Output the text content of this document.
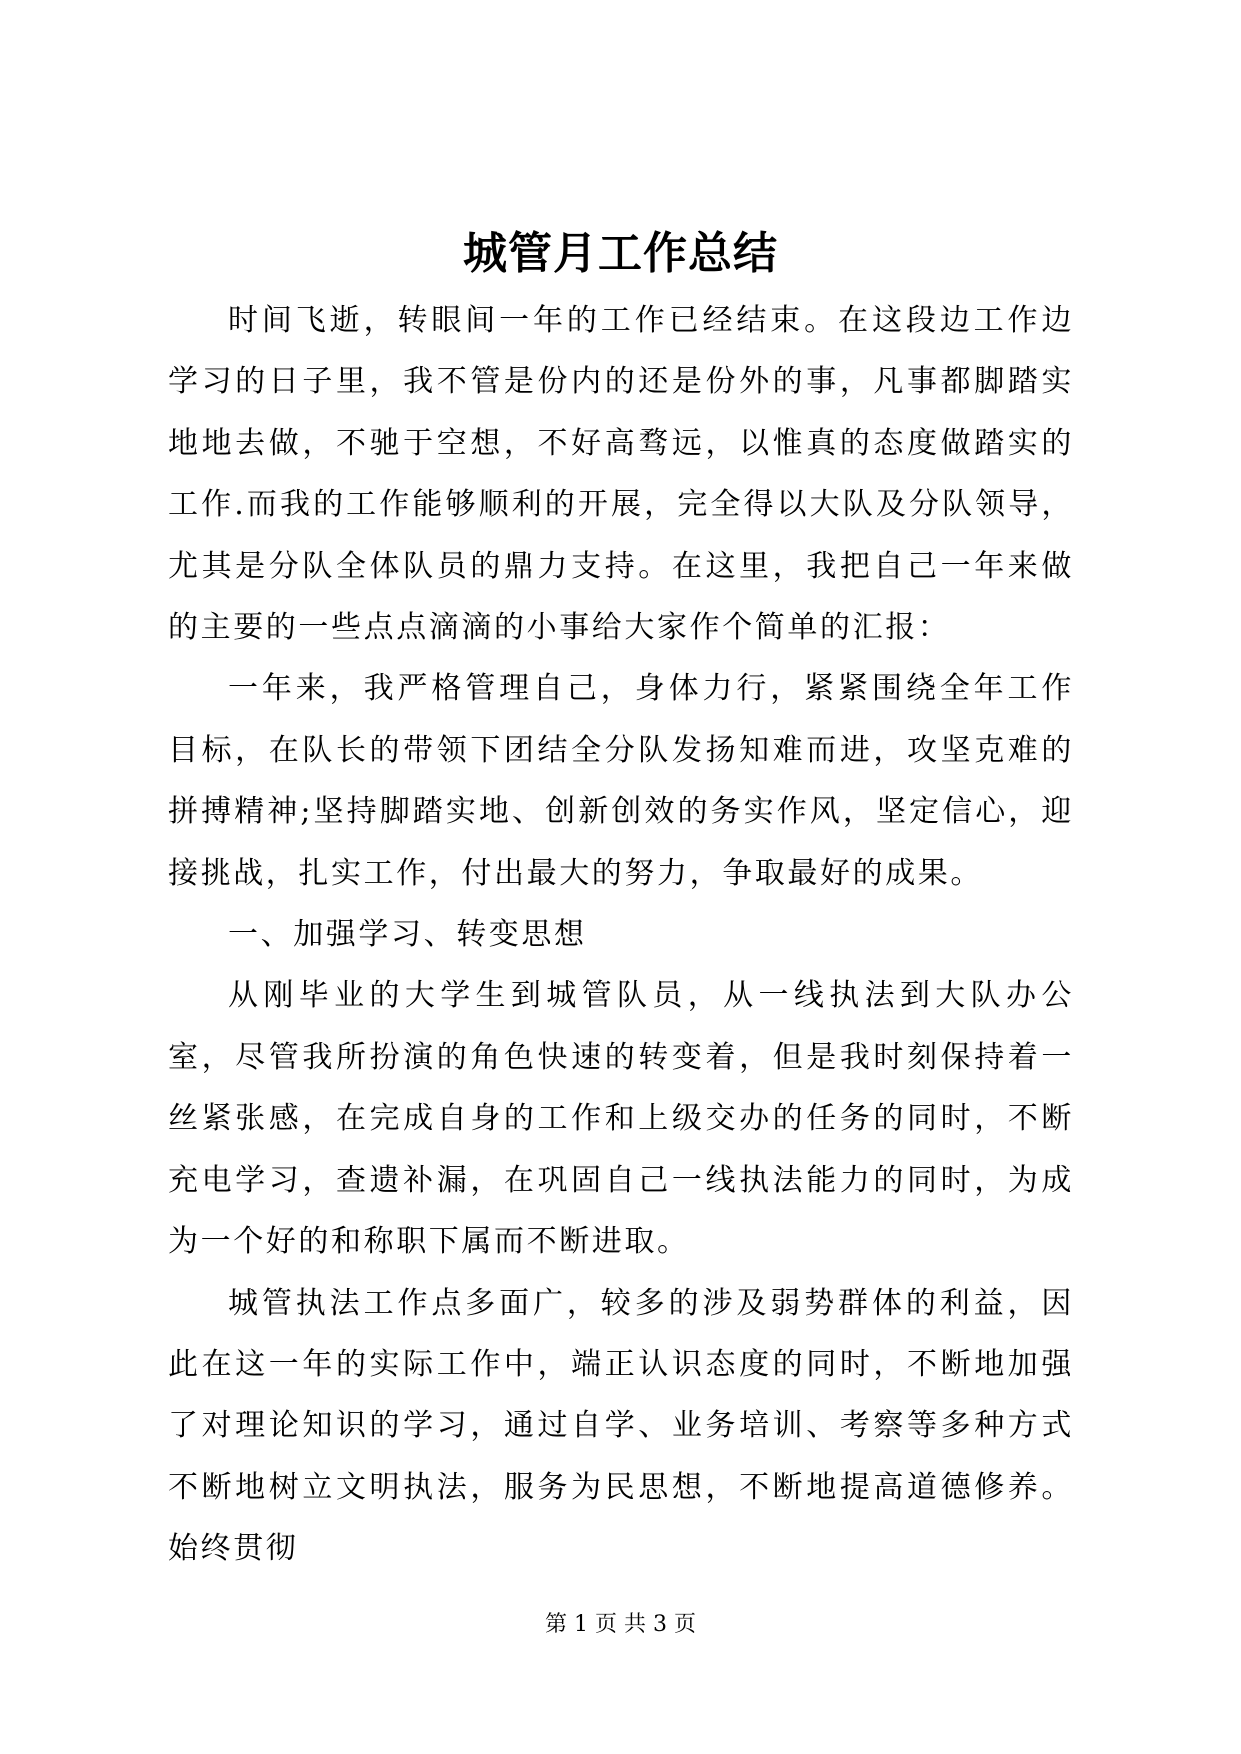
城管月工作总结

时间飞逝，转眼间一年的工作已经结束。在这段边工作边学习的日子里，我不管是份内的还是份外的事，凡事都脚踏实地地去做，不驰于空想，不好高骛远，以惟真的态度做踏实的工作.而我的工作能够顺利的开展，完全得以大队及分队领导，尤其是分队全体队员的鼎力支持。在这里，我把自己一年来做的主要的一些点点滴滴的小事给大家作个简单的汇报：

一年来，我严格管理自己，身体力行，紧紧围绕全年工作目标，在队长的带领下团结全分队发扬知难而进，攻坚克难的拼搏精神;坚持脚踏实地、创新创效的务实作风，坚定信心，迎接挑战，扎实工作，付出最大的努力，争取最好的成果。

一、加强学习、转变思想

从刚毕业的大学生到城管队员，从一线执法到大队办公室，尽管我所扮演的角色快速的转变着，但是我时刻保持着一丝紧张感，在完成自身的工作和上级交办的任务的同时，不断充电学习，查遗补漏，在巩固自己一线执法能力的同时，为成为一个好的和称职下属而不断进取。

城管执法工作点多面广，较多的涉及弱势群体的利益，因此在这一年的实际工作中，端正认识态度的同时，不断地加强了对理论知识的学习，通过自学、业务培训、考察等多种方式不断地树立文明执法，服务为民思想，不断地提高道德修养。始终贯彻

第 1 页 共 3 页
